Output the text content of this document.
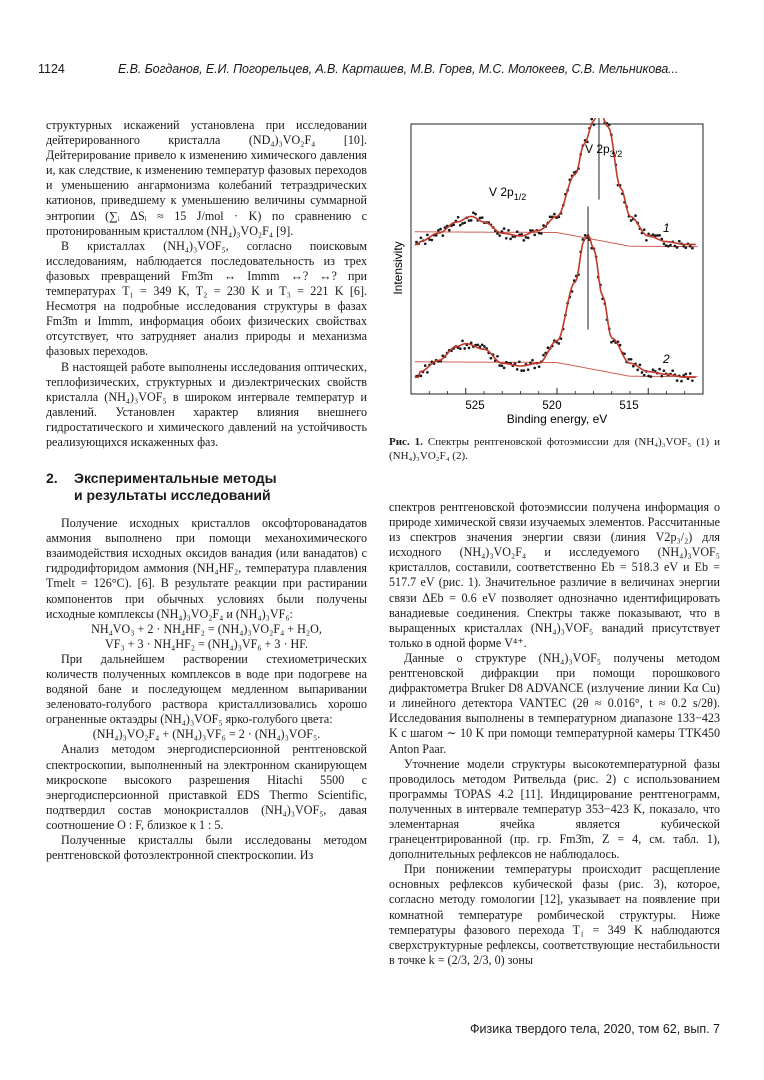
1124	Е.В. Богданов, Е.И. Погорельцев, А.В. Карташев, М.В. Горев, М.С. Молокеев, С.В. Мельникова...

структурных искажений установлена при исследовании дейтерированного кристалла (ND₄)₃VO₂F₄ [10]. Дейтерирование привело к изменению химического давления и, как следствие, к изменению температур фазовых переходов и уменьшению ангармонизма колебаний тетраэдрических катионов, приведшему к уменьшению величины суммарной энтропии (∑ᵢ ΔSᵢ ≈ 15 J/mol · K) по сравнению с протонированным кристаллом (NH₄)₃VO₂F₄ [9].

В кристаллах (NH₄)₃VOF₅, согласно поисковым исследованиям, наблюдается последовательность из трех фазовых превращений Fm3̄m ↔ Immm ↔? ↔? при температурах T₁ = 349 K, T₂ = 230 K и T₃ = 221 K [6]. Несмотря на подробные исследования структуры в фазах Fm3̄m и Immm, информация обоих физических свойствах отсутствует, что затрудняет анализ природы и механизма фазовых переходов.

В настоящей работе выполнены исследования оптических, теплофизических, структурных и диэлектрических свойств кристалла (NH₄)₃VOF₅ в широком интервале температур и давлений. Установлен характер влияния внешнего гидростатического и химического давлений на устойчивость реализующихся искаженных фаз.

2. Экспериментальные методы
и результаты исследований

Получение исходных кристаллов оксофторованадатов аммония выполнено при помощи механохимического взаимодействия исходных оксидов ванадия (или ванадатов) с гидродифторидом аммония (NH₄HF₂, температура плавления Tmelt = 126°C). [6]. В результате реакции при растирании компонентов при обычных условиях были получены исходные комплексы (NH₄)₃VO₂F₄ и (NH₄)₃VF₆:

NH₄VO₃ + 2 · NH₄HF₂ = (NH₄)₃VO₂F₄ + H₂O,

VF₃ + 3 · NH₄HF₂ = (NH₄)₃VF₆ + 3 · HF.

При дальнейшем растворении стехиометрических количеств полученных комплексов в воде при подогреве на водяной бане и последующем медленном выпаривании зеленовато-голубого раствора кристаллизовались хорошо ограненные октаэдры (NH₄)₃VOF₅ ярко-голубого цвета:

(NH₄)₃VO₂F₄ + (NH₄)₃VF₆ = 2 · (NH₄)₃VOF₅.

Анализ методом энергодисперсионной рентгеновской спектроскопии, выполненный на электронном сканирующем микроскопе высокого разрешения Hitachi 5500 с энергодисперсионной приставкой EDS Thermo Scientific, подтвердил состав монокристаллов (NH₄)₃VOF₅, давая соотношение O : F, близкое к 1 : 5.

Полученные кристаллы были исследованы методом рентгеновской фотоэлектронной спектроскопии. Из

Intensivity
Binding energy, eV
525	520	515
V $2p_{3/2}$
V $2p_{1/2}$
1
2
Рис. 1. Спектры рентгеновской фотоэмиссии для (NH₄)₃VOF₅ (1) и (NH₄)₃VO₂F₄ (2).

спектров рентгеновской фотоэмиссии получена информация о природе химической связи изучаемых элементов. Рассчитанные из спектров значения энергии связи (линия V2p₃/₂) для исходного (NH₄)₃VO₂F₄ и исследуемого (NH₄)₃VOF₅ кристаллов, составили, соответственно Eb = 518.3 eV и Eb = 517.7 eV (рис. 1). Значительное различие в величинах энергии связи ΔEb = 0.6 eV позволяет однозначно идентифицировать ванадиевые соединения. Спектры также показывают, что в выращенных кристаллах (NH₄)₃VOF₅ ванадий присутствует только в одной форме V⁴⁺.

Данные о структуре (NH₄)₃VOF₅ получены методом рентгеновской дифракции при помощи порошкового дифрактометра Bruker D8 ADVANCE (излучение линии Kα Cu) и линейного детектора VANTEC (2θ ≈ 0.016°, t ≈ 0.2 s/2θ). Исследования выполнены в температурном диапазоне 133−423 K с шагом ∼ 10 K при помощи температурной камеры TTK450 Anton Paar.

Уточнение модели структуры высокотемпературной фазы проводилось методом Ритвельда (рис. 2) с использованием программы TOPAS 4.2 [11]. Индицирование рентгенограмм, полученных в интервале температур 353−423 K, показало, что элементарная ячейка является кубической гранецентрированной (пр. гр. Fm3̄m, Z = 4, см. табл. 1), дополнительных рефлексов не наблюдалось.

При понижении температуры происходит расщепление основных рефлексов кубической фазы (рис. 3), которое, согласно методу гомологии [12], указывает на появление при комнатной температуре ромбической структуры. Ниже температуры фазового перехода T₁ = 349 K наблюдаются сверхструктурные рефлексы, соответствующие нестабильности в точке k = (2/3, 2/3, 0) зоны

Физика твердого тела, 2020, том 62, вып. 7
